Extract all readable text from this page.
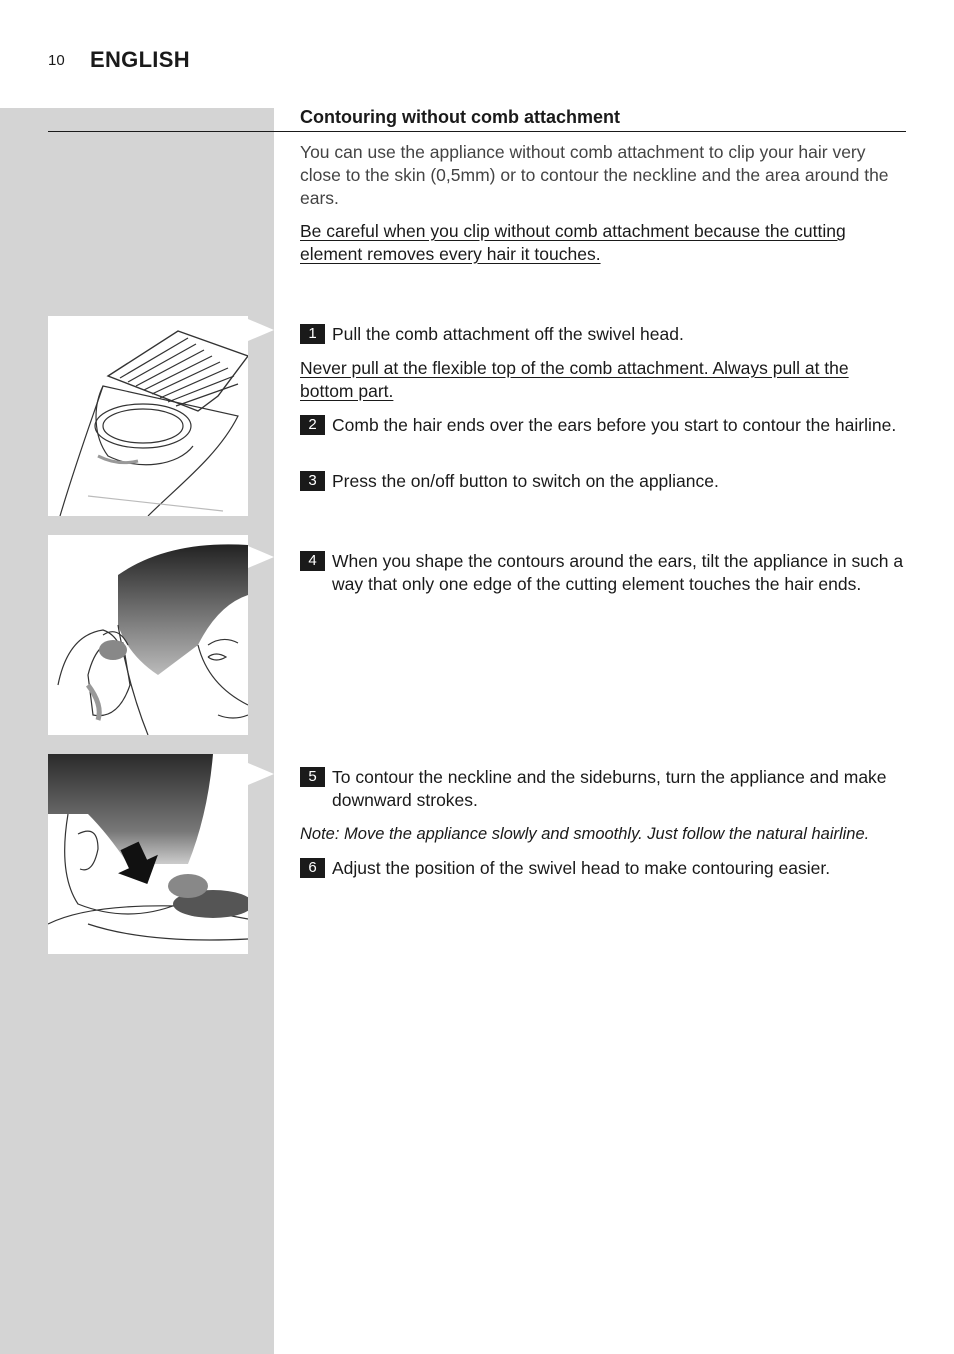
10 ENGLISH
Contouring without comb attachment
You can use the appliance without comb attachment to clip your hair very close to the skin (0,5mm) or to contour the neckline and the area around the ears.
Be careful when you clip without comb attachment because the cutting element removes every hair it touches.
1 Pull the comb attachment off the swivel head.
Never pull at the flexible top of the comb attachment. Always pull at the bottom part.
2 Comb the hair ends over the ears before you start to contour the hairline.
3 Press the on/off button to switch on the appliance.
4 When you shape the contours around the ears, tilt the appliance in such a way that only one edge of the cutting element touches the hair ends.
5 To contour the neckline and the sideburns, turn the appliance and make downward strokes.
Note: Move the appliance slowly and smoothly. Just follow the natural hairline.
6 Adjust the position of the swivel head to make contouring easier.
